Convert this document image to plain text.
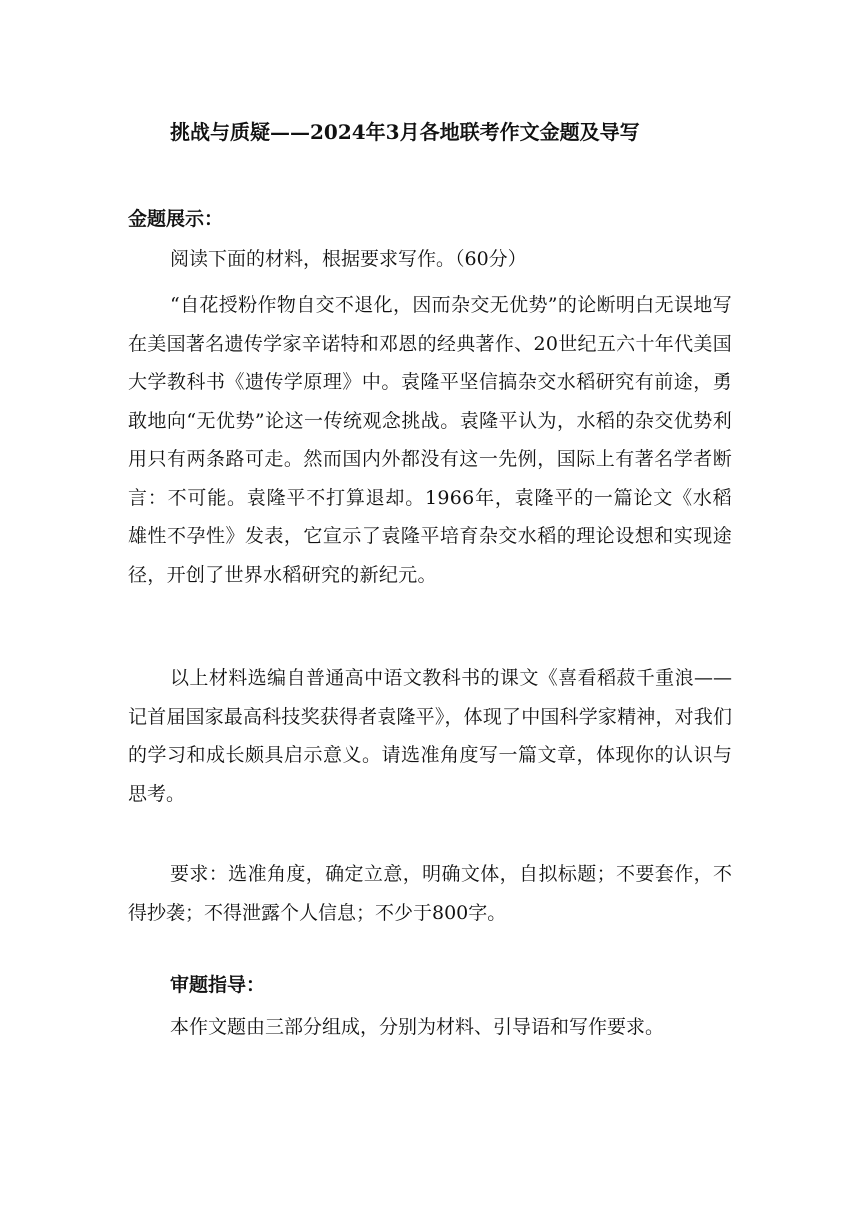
挑战与质疑——2024年3月各地联考作文金题及导写
金题展示：

阅读下面的材料，根据要求写作。（60分）

“自花授粉作物自交不退化，因而杂交无优势”的论断明白无误地写在美国著名遗传学家辛诺特和邓恩的经典著作、20世纪五六十年代美国大学教科书《遗传学原理》中。袁隆平坚信搞杂交水稻研究有前途，勇敢地向“无优势”论这一传统观念挑战。袁隆平认为，水稻的杂交优势利用只有两条路可走。然而国内外都没有这一先例，国际上有著名学者断言：不可能。袁隆平不打算退却。1966年，袁隆平的一篇论文《水稻雄性不孕性》发表，它宣示了袁隆平培育杂交水稻的理论设想和实现途径，开创了世界水稻研究的新纪元。

以上材料选编自普通高中语文教科书的课文《喜看稻菽千重浪——记首届国家最高科技奖获得者袁隆平》，体现了中国科学家精神，对我们的学习和成长颇具启示意义。请选准角度写一篇文章，体现你的认识与思考。

要求：选准角度，确定立意，明确文体，自拟标题；不要套作，不得抄袭；不得泄露个人信息；不少于800字。

审题指导：

本作文题由三部分组成，分别为材料、引导语和写作要求。
